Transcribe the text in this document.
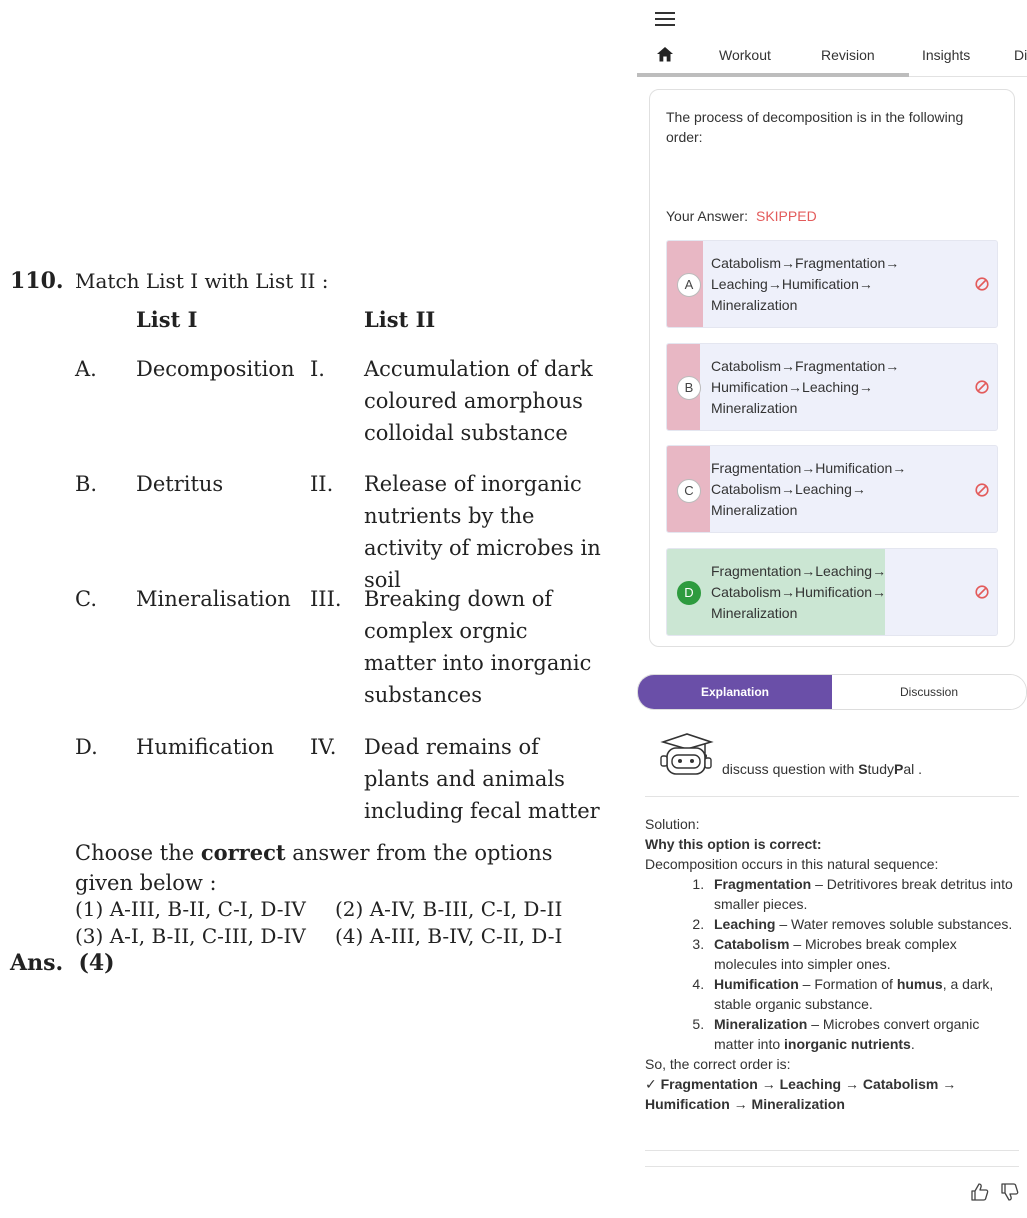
110. Match List I with List II :
List I	List II
A. Decomposition I. Accumulation of dark coloured amorphous colloidal substance
B. Detritus	II. Release of inorganic nutrients by the activity of microbes in soil
C. Mineralisation III. Breaking down of complex orgnic matter into inorganic substances
D. Humification IV. Dead remains of plants and animals including fecal matter
Choose the correct answer from the options given below :
(1) A-III, B-II, C-I, D-IV (2) A-IV, B-III, C-I, D-II
(3) A-I, B-II, C-III, D-IV (4) A-III, B-IV, C-II, D-I
Ans. (4)
Workout	Revision	Insights	Di
The process of decomposition is in the following order:
Your Answer: SKIPPED
A
Catabolism→Fragmentation→ Leaching→Humification→ Mineralization
B
Catabolism→Fragmentation→ Humification→Leaching→ Mineralization
C
Fragmentation→Humification→ Catabolism→Leaching→ Mineralization
D
Fragmentation→Leaching→ Catabolism→Humification→ Mineralization
Explanation	Discussion
discuss question with StudyPal .

Solution:

Why this option is correct:

Decomposition occurs in this natural sequence:

1. Fragmentation – Detritivores break detritus into smaller pieces.
2. Leaching – Water removes soluble substances.
3. Catabolism – Microbes break complex molecules into simpler ones.
4. Humification – Formation of humus, a dark, stable organic substance.
5. Mineralization – Microbes convert organic matter into inorganic nutrients.

So, the correct order is:

✓ Fragmentation → Leaching → Catabolism → Humification → Mineralization
